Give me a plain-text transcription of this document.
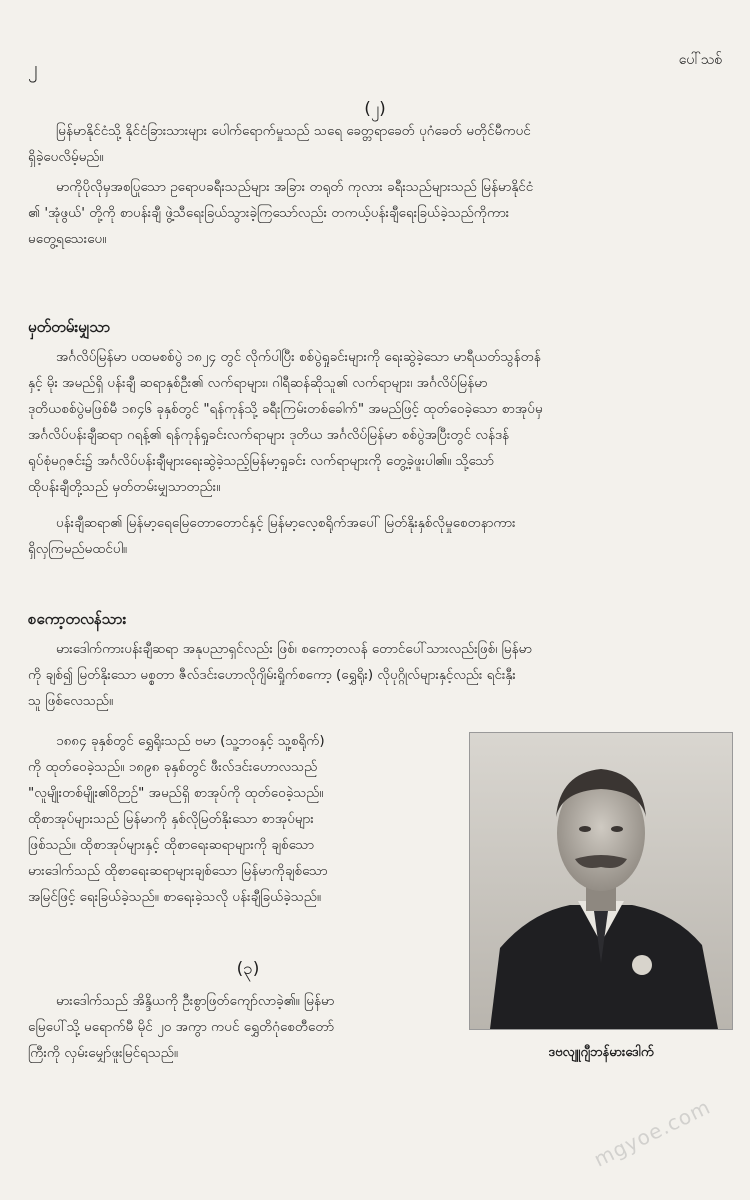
၂	ပေါ်သစ်
(၂)
မြန်မာနိုင်ငံသို့ နိုင်ငံခြားသားများ ပေါက်ရောက်မှုသည် သရေ ခေတ္တရာခေတ် ပုဂံခေတ် မတိုင်မီကပင်
ရှိခဲ့ပေလိမ့်မည်။
မာကိုပိုလိုမှအစပြုသော ဥရောပခရီးသည်များ အခြား တရုတ် ကုလား ခရီးသည်များသည် မြန်မာနိုင်ငံ
၏ 'အုံဖွယ်' တို့ကို စာပန်းချီ ဖွဲ့သီရေးခြယ်သွားခဲ့ကြသော်လည်း တကယ့်ပန်းချီရေးခြယ်ခဲ့သည်ကိုကား
မတွေ့ရသေးပေ။
မှတ်တမ်းမျှသာ
အင်္ဂလိပ်မြန်မာ ပထမစစ်ပွဲ ၁၈၂၄ တွင် လိုက်ပါပြီး စစ်ပွဲရှုခင်းများကို ရေးဆွဲခဲ့သော မာရီယတ်သွန်တန်
နှင့် မိုး အမည်ရှိ ပန်းချီ ဆရာနှစ်ဦး၏ လက်ရာများ၊ ဂါရီဆန်ဆိုသူ၏ လက်ရာများ၊ အင်္ဂလိပ်မြန်မာ
ဒုတိယစစ်ပွဲမဖြစ်မီ ၁၈၄၆ ခုနှစ်တွင် "ရန်ကုန်သို့ ခရီးကြမ်းတစ်ခေါက်" အမည်ဖြင့် ထုတ်ဝေခဲ့သော စာအုပ်မှ
အင်္ဂလိပ်ပန်းချီဆရာ ဂရန့်၏ ရန်ကုန်ရှုခင်းလက်ရာများ ဒုတိယ အင်္ဂလိပ်မြန်မာ စစ်ပွဲအပြီးတွင် လန်ဒန်
ရုပ်စုံမဂ္ဂဇင်း၌ အင်္ဂလိပ်ပန်းချီများရေးဆွဲခဲ့သည့်မြန်မာ့ရှုခင်း လက်ရာများကို တွေ့ခဲ့ဖူးပါ၏။ သို့သော်
ထိုပန်းချီတို့သည် မှတ်တမ်းမျှသာတည်း။
ပန်းချီဆရာ၏ မြန်မာ့ရေမြေတောတောင်နှင့် မြန်မာ့လေ့စရိုက်အပေါ် မြတ်နိုးနှစ်လိုမှုစေတနာကား
ရှိလှကြမည်မထင်ပါ။
စကော့တလန်သား
မားဒေါက်ကားပန်းချီဆရာ အနုပညာရှင်လည်း ဖြစ်၊ စကော့တလန် တောင်ပေါ်သားလည်းဖြစ်၊ မြန်မာ
ကို ချစ်၍ မြတ်နိုးသော မစ္စတာ ဇီလ်ဒင်းဟောလိုဂျိမ်းရှိုက်စကော့ (ရွှေရိုး) လိုပုဂ္ဂိုလ်များနှင့်လည်း ရင်းနှီး
သူ ဖြစ်လေသည်။
၁၈၈၄ ခုနှစ်တွင် ရွှေရိုးသည် ဗမာ (သူ့ဘဝနှင့် သူ့စရိုက်)
ကို ထုတ်ဝေခဲ့သည်။ ၁၈၉၈ ခုနှစ်တွင် ဖီးလ်ဒင်းဟောလသည်
"လူမျိုးတစ်မျိုး၏ဝိဉာဉ်" အမည်ရှိ စာအုပ်ကို ထုတ်ဝေခဲ့သည်။
ထိုစာအုပ်များသည် မြန်မာကို နှစ်လိုမြတ်နိုးသော စာအုပ်များ
ဖြစ်သည်။ ထိုစာအုပ်များနှင့် ထိုစာရေးဆရာများကို ချစ်သော
မားဒေါက်သည် ထိုစာရေးဆရာများချစ်သော မြန်မာကိုချစ်သော
အမြင်ဖြင့် ရေးခြယ်ခဲ့သည်။ စာရေးခဲ့သလို ပန်းချီခြယ်ခဲ့သည်။
(၃)
မားဒေါက်သည် အိန္ဒိယကို ဦးစွာဖြတ်ကျော်လာခဲ့၏။ မြန်မာ
မြေပေါ်သို့ မရောက်မီ မိုင် ၂၀ အကွာ ကပင် ရွှေတိဂုံစေတီတော်
ကြီးကို လှမ်းမျှော်ဖူးမြင်ရသည်။	ဒဗလျူဂျီဘန်မားဒေါက်
mgyoe.com
